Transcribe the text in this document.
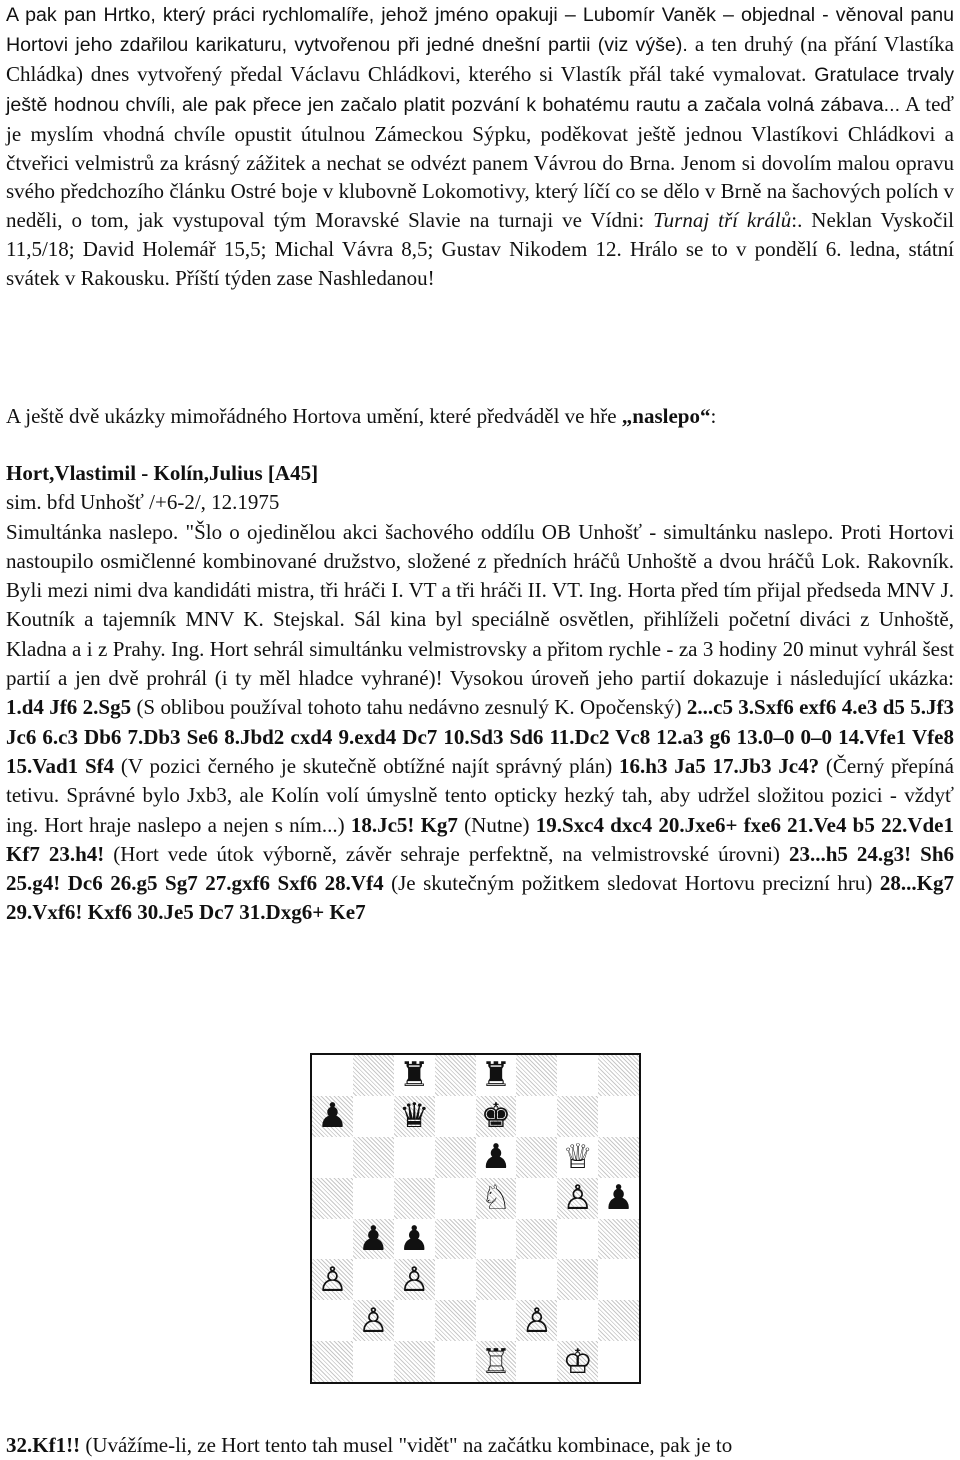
A pak pan Hrtko, který práci rychlomalíře, jehož jméno opakuji – Lubomír Vaněk – objednal - věnoval panu Hortovi jeho zdařilou karikaturu, vytvořenou při jedné dnešní partii (viz výše). a ten druhý (na přání Vlastíka Chládka) dnes vytvořený předal Václavu Chládkovi, kterého si Vlastík přál také vymalovat. Gratulace trvaly ještě hodnou chvíli, ale pak přece jen začalo platit pozvání k bohatému rautu a začala volná zábava... A teď je myslím vhodná chvíle opustit útulnou Zámeckou Sýpku, poděkovat ještě jednou Vlastíkovi Chládkovi a čtveřici velmistrů za krásný zážitek a nechat se odvézt panem Vávrou do Brna. Jenom si dovolím malou opravu svého předchozího článku Ostré boje v klubovně Lokomotivy, který líčí co se dělo v Brně na šachových polích v neděli, o tom, jak vystupoval tým Moravské Slavie na turnaji ve Vídni: Turnaj tří králů:. Neklan Vyskočil 11,5/18; David Holemář 15,5; Michal Vávra 8,5; Gustav Nikodem 12. Hrálo se to v pondělí 6. ledna, státní svátek v Rakousku. Příští týden zase Nashledanou!

A ještě dvě ukázky mimořádného Hortova umění, které předváděl ve hře „naslepo“:

Hort,Vlastimil - Kolín,Julius [A45]
sim. bfd Unhošť /+6-2/, 12.1975
Simultánka naslepo. "Šlo o ojedinělou akci šachového oddílu OB Unhošť - simultánku naslepo. Proti Hortovi nastoupilo osmičlenné kombinované družstvo, složené z předních hráčů Unhoště a dvou hráčů Lok. Rakovník. Byli mezi nimi dva kandidáti mistra, tři hráči I. VT a tři hráči II. VT. Ing. Horta před tím přijal předseda MNV J. Koutník a tajemník MNV K. Stejskal. Sál kina byl speciálně osvětlen, přihlíželi početní diváci z Unhoště, Kladna a i z Prahy. Ing. Hort sehrál simultánku velmistrovsky a přitom rychle - za 3 hodiny 20 minut vyhrál šest partií a jen dvě prohrál (i ty měl hladce vyhrané)! Vysokou úroveň jeho partií dokazuje i následující ukázka: 1.d4 Jf6 2.Sg5 (S oblibou používal tohoto tahu nedávno zesnulý K. Opočenský) 2...c5 3.Sxf6 exf6 4.e3 d5 5.Jf3 Jc6 6.c3 Db6 7.Db3 Se6 8.Jbd2 cxd4 9.exd4 Dc7 10.Sd3 Sd6 11.Dc2 Vc8 12.a3 g6 13.0–0 0–0 14.Vfe1 Vfe8 15.Vad1 Sf4 (V pozici černého je skutečně obtížné najít správný plán) 16.h3 Ja5 17.Jb3 Jc4? (Černý přepíná tetivu. Správné bylo Jxb3, ale Kolín volí úmyslně tento opticky hezký tah, aby udržel složitou pozici - vždyť ing. Hort hraje naslepo a nejen s ním...) 18.Jc5! Kg7 (Nutne) 19.Sxc4 dxc4 20.Jxe6+ fxe6 21.Ve4 b5 22.Vde1 Kf7 23.h4! (Hort vede útok výborně, závěr sehraje perfektně, na velmistrovské úrovni) 23...h5 24.g3! Sh6 25.g4! Dc6 26.g5 Sg7 27.gxf6 Sxf6 28.Vf4 (Je skutečným požitkem sledovat Hortovu precizní hru) 28...Kg7 29.Vxf6! Kxf6 30.Je5 Dc7 31.Dxg6+ Ke7
♜ ♜
♟ ♛ ♚
♟ ♕
♘ ♙ ♟
♟ ♟
♙ ♙
♙	♙
♖ ♔

32.Kf1!! (Uvážíme-li, ze Hort tento tah musel "vidět" na začátku kombinace, pak je to
